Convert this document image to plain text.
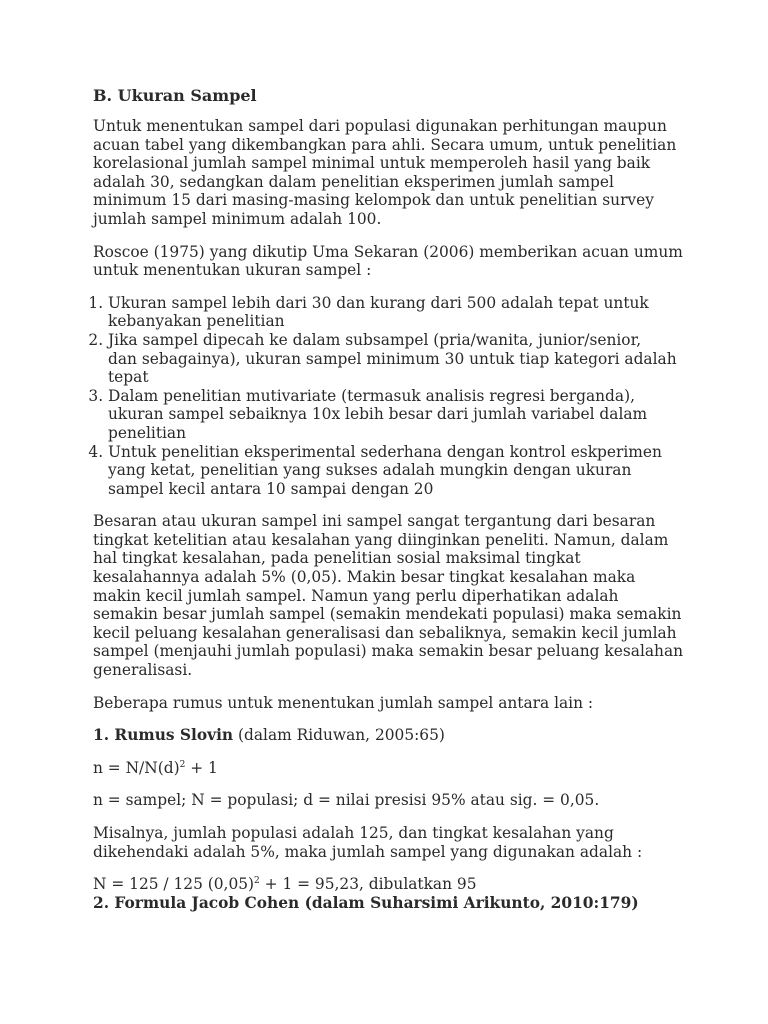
B. Ukuran Sampel

Untuk menentukan sampel dari populasi digunakan perhitungan maupun
acuan tabel yang dikembangkan para ahli. Secara umum, untuk penelitian
korelasional jumlah sampel minimal untuk memperoleh hasil yang baik
adalah 30, sedangkan dalam penelitian eksperimen jumlah sampel
minimum 15 dari masing-masing kelompok dan untuk penelitian survey
jumlah sampel minimum adalah 100.

Roscoe (1975) yang dikutip Uma Sekaran (2006) memberikan acuan umum
untuk menentukan ukuran sampel :

1. Ukuran sampel lebih dari 30 dan kurang dari 500 adalah tepat untuk
kebanyakan penelitian
2. Jika sampel dipecah ke dalam subsampel (pria/wanita, junior/senior,
dan sebagainya), ukuran sampel minimum 30 untuk tiap kategori adalah
tepat
3. Dalam penelitian mutivariate (termasuk analisis regresi berganda),
ukuran sampel sebaiknya 10x lebih besar dari jumlah variabel dalam
penelitian
4. Untuk penelitian eksperimental sederhana dengan kontrol eskperimen
yang ketat, penelitian yang sukses adalah mungkin dengan ukuran
sampel kecil antara 10 sampai dengan 20

Besaran atau ukuran sampel ini sampel sangat tergantung dari besaran
tingkat ketelitian atau kesalahan yang diinginkan peneliti. Namun, dalam
hal tingkat kesalahan, pada penelitian sosial maksimal tingkat
kesalahannya adalah 5% (0,05). Makin besar tingkat kesalahan maka
makin kecil jumlah sampel. Namun yang perlu diperhatikan adalah
semakin besar jumlah sampel (semakin mendekati populasi) maka semakin
kecil peluang kesalahan generalisasi dan sebaliknya, semakin kecil jumlah
sampel (menjauhi jumlah populasi) maka semakin besar peluang kesalahan
generalisasi.

Beberapa rumus untuk menentukan jumlah sampel antara lain :

1. Rumus Slovin (dalam Riduwan, 2005:65)

$n = N/N(d)^2 + 1$

n = sampel; N = populasi; d = nilai presisi 95% atau sig. = 0,05.

Misalnya, jumlah populasi adalah 125, dan tingkat kesalahan yang
dikehendaki adalah 5%, maka jumlah sampel yang digunakan adalah :

N = 125 / 125 $(0,05)^2 + 1 = 95,23$, dibulatkan 95

2. Formula Jacob Cohen (dalam Suharsimi Arikunto, 2010:179)
